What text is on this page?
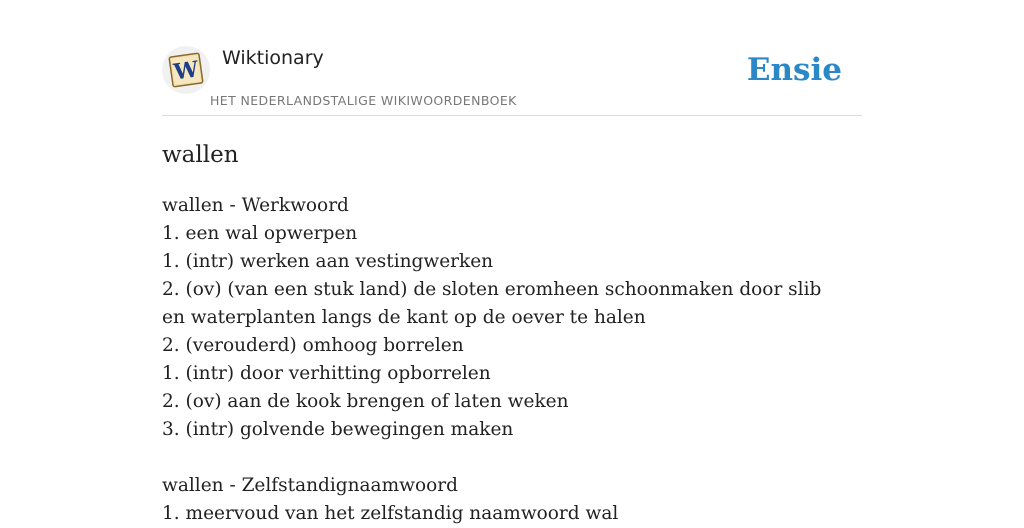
W Wiktionary
HET NEDERLANDSTALIGE WIKIWOORDENBOEK
Ensie
wallen
wallen - Werkwoord
1. een wal opwerpen
1. (intr) werken aan vestingwerken
2. (ov) (van een stuk land) de sloten eromheen schoonmaken door slib en waterplanten langs de kant op de oever te halen
2. (verouderd) omhoog borrelen
1. (intr) door verhitting opborrelen
2. (ov) aan de kook brengen of laten weken
3. (intr) golvende bewegingen maken
wallen - Zelfstandignaamwoord
1. meervoud van het zelfstandig naamwoord wal
